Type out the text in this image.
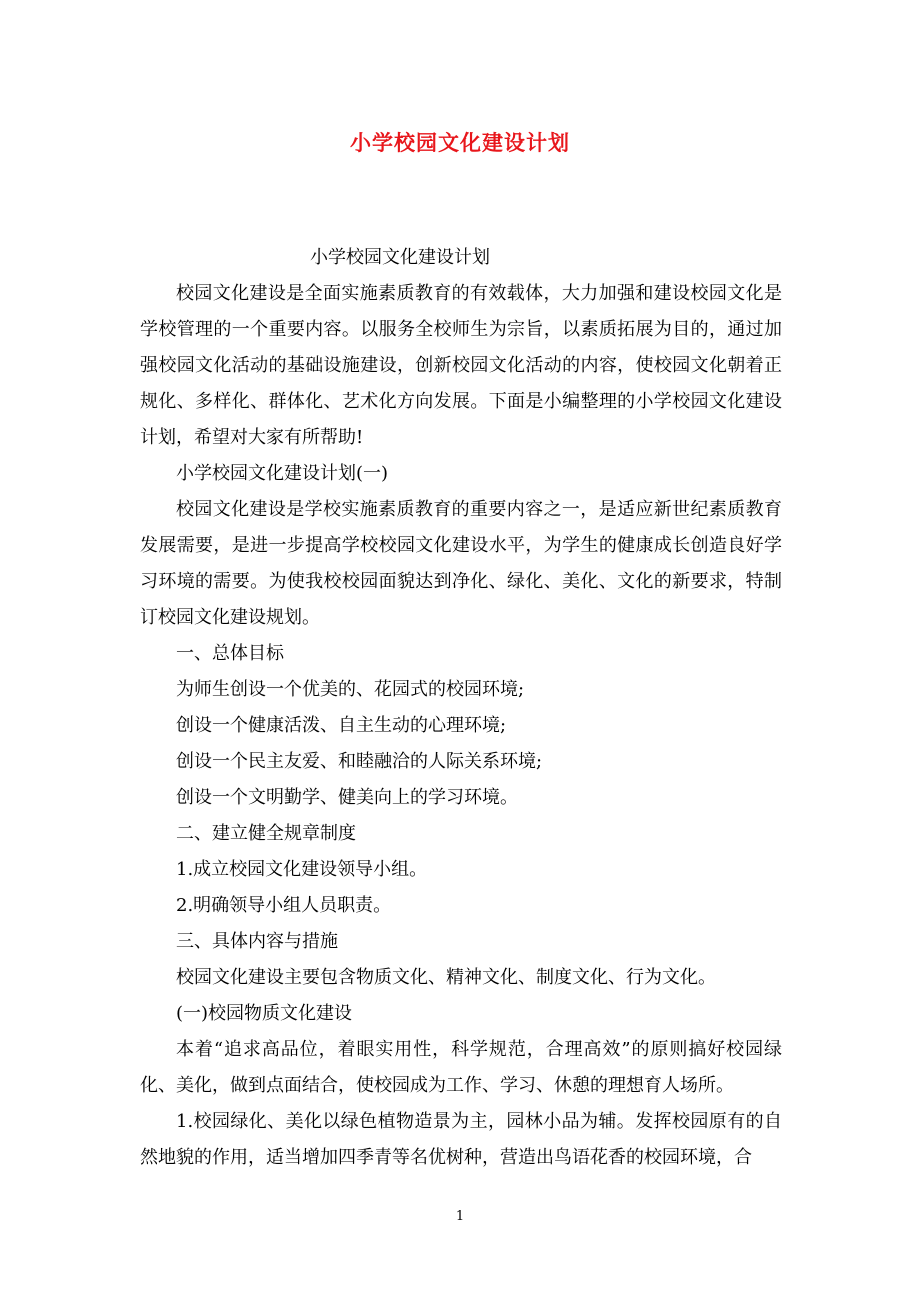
小学校园文化建设计划

小学校园文化建设计划

校园文化建设是全面实施素质教育的有效载体，大力加强和建设校园文化是学校管理的一个重要内容。以服务全校师生为宗旨，以素质拓展为目的，通过加强校园文化活动的基础设施建设，创新校园文化活动的内容，使校园文化朝着正规化、多样化、群体化、艺术化方向发展。下面是小编整理的小学校园文化建设计划，希望对大家有所帮助!

小学校园文化建设计划(一)

校园文化建设是学校实施素质教育的重要内容之一，是适应新世纪素质教育发展需要，是进一步提高学校校园文化建设水平，为学生的健康成长创造良好学习环境的需要。为使我校校园面貌达到净化、绿化、美化、文化的新要求，特制订校园文化建设规划。

一、总体目标

为师生创设一个优美的、花园式的校园环境;

创设一个健康活泼、自主生动的心理环境;

创设一个民主友爱、和睦融洽的人际关系环境;

创设一个文明勤学、健美向上的学习环境。

二、建立健全规章制度

1.成立校园文化建设领导小组。

2.明确领导小组人员职责。

三、具体内容与措施

校园文化建设主要包含物质文化、精神文化、制度文化、行为文化。

(一)校园物质文化建设

本着“追求高品位，着眼实用性，科学规范，合理高效”的原则搞好校园绿化、美化，做到点面结合，使校园成为工作、学习、休憩的理想育人场所。

1.校园绿化、美化以绿色植物造景为主，园林小品为辅。发挥校园原有的自然地貌的作用，适当增加四季青等名优树种，营造出鸟语花香的校园环境，合

1
